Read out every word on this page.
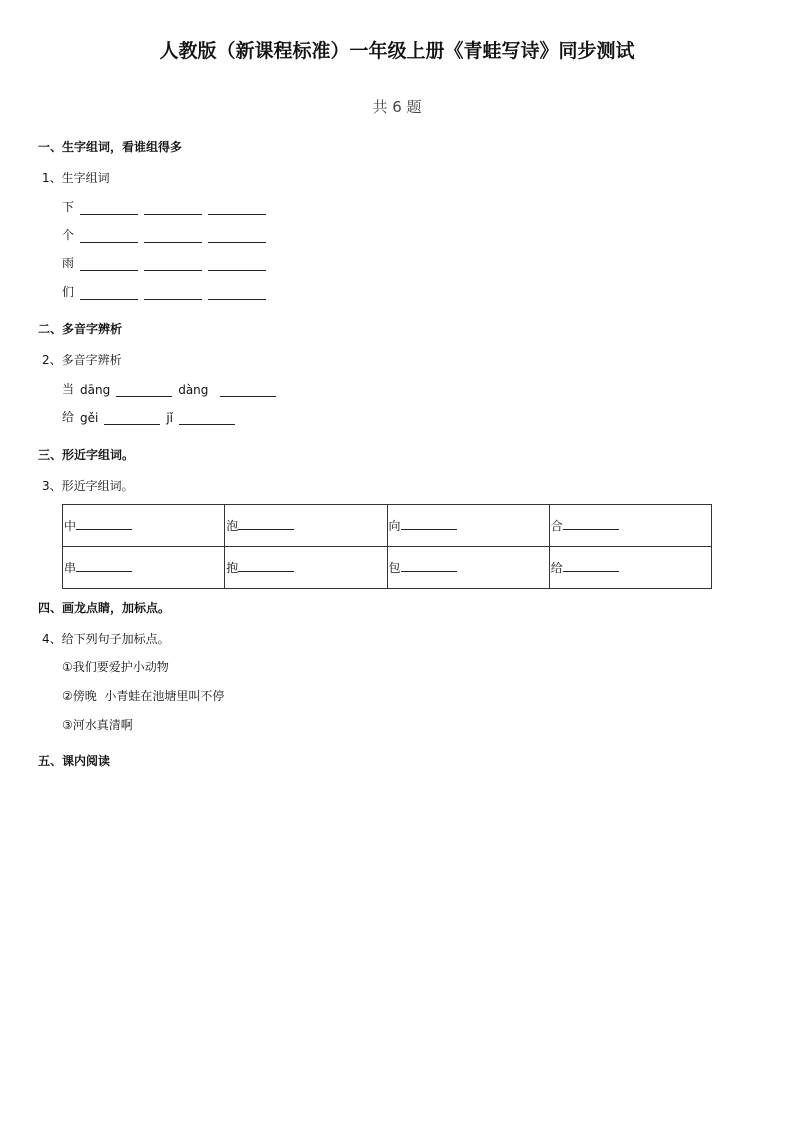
人教版（新课程标准）一年级上册《青蛙写诗》同步测试
共 6 题
一、生字组词，看谁组得多
1、生字组词
下
个
雨
们
二、多音字辨析
2、多音字辨析
当 dāng	dàng
给 gěi	jǐ
三、形近字组词。
3、形近字组词。
中	泡	向	合
串	抱	包	给
四、画龙点睛，加标点。
4、给下列句子加标点。
①我们要爱护小动物
②傍晚  小青蛙在池塘里叫不停
③河水真清啊
五、课内阅读
